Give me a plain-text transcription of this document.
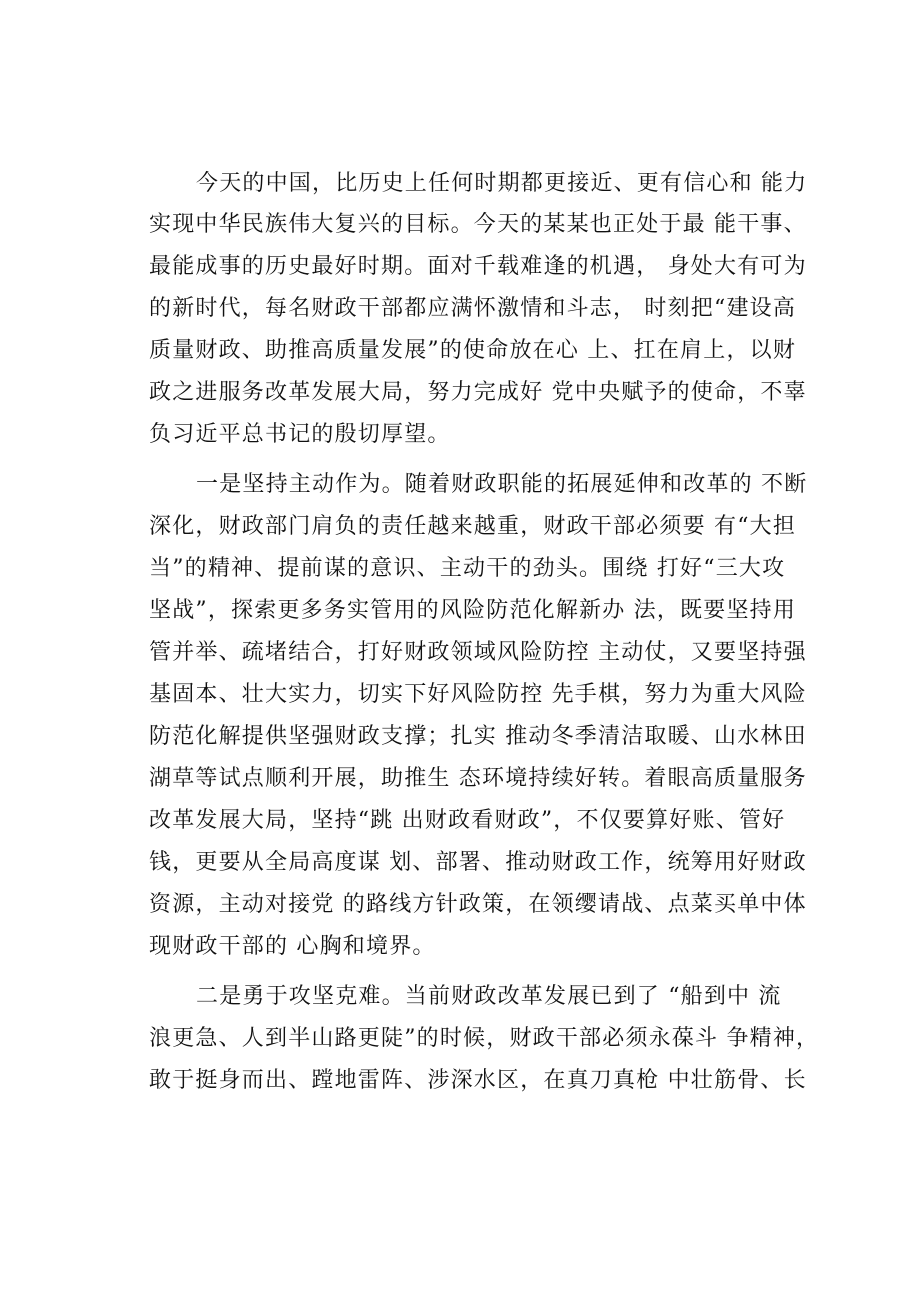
今天的中国，比历史上任何时期都更接近、更有信心和 能力
实现中华民族伟大复兴的目标。今天的某某也正处于最 能干事、
最能成事的历史最好时期。面对千载难逢的机遇， 身处大有可为
的新时代，每名财政干部都应满怀激情和斗志， 时刻把“建设高
质量财政、助推高质量发展”的使命放在心 上、扛在肩上，以财
政之进服务改革发展大局，努力完成好 党中央赋予的使命，不辜
负习近平总书记的殷切厚望。
一是坚持主动作为。随着财政职能的拓展延伸和改革的 不断
深化，财政部门肩负的责任越来越重，财政干部必须要 有“大担
当”的精神、提前谋的意识、主动干的劲头。围绕 打好“三大攻
坚战”，探索更多务实管用的风险防范化解新办 法，既要坚持用
管并举、疏堵结合，打好财政领域风险防控 主动仗，又要坚持强
基固本、壮大实力，切实下好风险防控 先手棋，努力为重大风险
防范化解提供坚强财政支撑；扎实 推动冬季清洁取暖、山水林田
湖草等试点顺利开展，助推生 态环境持续好转。着眼高质量服务
改革发展大局，坚持“跳 出财政看财政”，不仅要算好账、管好
钱，更要从全局高度谋 划、部署、推动财政工作，统筹用好财政
资源，主动对接党 的路线方针政策，在领缨请战、点菜买单中体
现财政干部的 心胸和境界。
二是勇于攻坚克难。当前财政改革发展已到了 “船到中 流
浪更急、人到半山路更陡”的时候，财政干部必须永葆斗 争精神，
敢于挺身而出、蹚地雷阵、涉深水区，在真刀真枪 中壮筋骨、长
